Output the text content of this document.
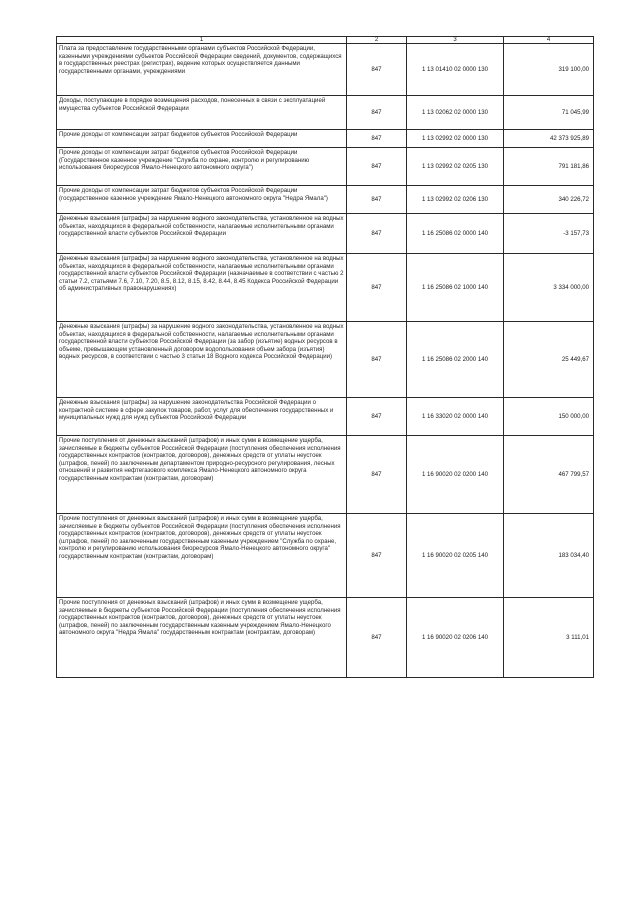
1	2	3	4
Плата за предоставление государственными органами субъектов Российской Федерации, казенными учреждениями субъектов Российской Федерации сведений, документов, содержащихся в государственных реестрах (регистрах), ведение которых осуществляется данными государственными органами, учреждениями	847	1 13 01410 02 0000 130	319 100,00
Доходы, поступающие в порядке возмещения расходов, понесенных в связи с эксплуатацией имущества субъектов Российской Федерации	847	1 13 02062 02 0000 130	71 045,99
Прочие доходы от компенсации затрат бюджетов субъектов Российской Федерации	847	1 13 02992 02 0000 130	42 373 925,89
Прочие доходы от компенсации затрат бюджетов субъектов Российской Федерации (Государственное казенное учреждение "Служба по охране, контролю и регулированию использования биоресурсов Ямало-Ненецкого автономного округа")	847	1 13 02992 02 0205 130	791 181,86
Прочие доходы от компенсации затрат бюджетов субъектов Российской Федерации (государственное казенное учреждение Ямало-Ненецкого автономного округа "Недра Ямала")	847	1 13 02992 02 0206 130	340 226,72
Денежные взыскания (штрафы) за нарушение водного законодательства, установленное на водных объектах, находящихся в федеральной собственности, налагаемые исполнительными органами государственной власти субъектов Российской Федерации	847	1 16 25086 02 0000 140	-3 157,73
Денежные взыскания (штрафы) за нарушение водного законодательства, установленное на водных объектах, находящихся в федеральной собственности, налагаемые исполнительными органами государственной власти субъектов Российской Федерации (назначаемые в соответствии с частью 2 статьи 7.2, статьями 7.6, 7.10, 7.20, 8.5, 8.12, 8.15, 8.42, 8.44, 8.45 Кодекса Российской Федерации об административных правонарушениях)	847	1 16 25086 02 1000 140	3 334 000,00
Денежные взыскания (штрафы) за нарушение водного законодательства, установленное на водных объектах, находящихся в федеральной собственности, налагаемые исполнительными органами государственной власти субъектов Российской Федерации (за забор (изъятие) водных ресурсов в объеме, превышающем установленный договором водопользования объем забора (изъятия) водных ресурсов, в соответствии с частью 3 статьи 18 Водного кодекса Российской Федерации)	847	1 16 25086 02 2000 140	25 449,67
Денежные взыскания (штрафы) за нарушение законодательства Российской Федерации о контрактной системе в сфере закупок товаров, работ, услуг для обеспечения государственных и муниципальных нужд для нужд субъектов Российской Федерации	847	1 16 33020 02 0000 140	150 000,00
Прочие поступления от денежных взысканий (штрафов) и иных сумм в возмещение ущерба, зачисляемые в бюджеты субъектов Российской Федерации (поступления обеспечения исполнения государственных контрактов (контрактов, договоров), денежных средств от уплаты неустоек (штрафов, пеней) по заключенным департаментом природно-ресурсного регулирования, лесных отношений и развития нефтегазового комплекса Ямало-Ненецкого автономного округа государственным контрактам (контрактам, договорам)	847	1 16 90020 02 0200 140	467 799,57
Прочие поступления от денежных взысканий (штрафов) и иных сумм в возмещение ущерба, зачисляемые в бюджеты субъектов Российской Федерации (поступления обеспечения исполнения государственных контрактов (контрактов, договоров), денежных средств от уплаты неустоек (штрафов, пеней) по заключенным государственным казенным учреждением "Служба по охране, контролю и регулированию использования биоресурсов Ямало-Ненецкого автономного округа" государственным контрактам (контрактам, договорам)	847	1 16 90020 02 0205 140	183 034,40
Прочие поступления от денежных взысканий (штрафов) и иных сумм в возмещение ущерба, зачисляемые в бюджеты субъектов Российской Федерации (поступления обеспечения исполнения государственных контрактов (контрактов, договоров), денежных средств от уплаты неустоек (штрафов, пеней) по заключенным государственным казенным учреждением Ямало-Ненецкого автономного округа "Недра Ямала" государственным контрактам (контрактам, договорам)	847	1 16 90020 02 0206 140	3 111,01
